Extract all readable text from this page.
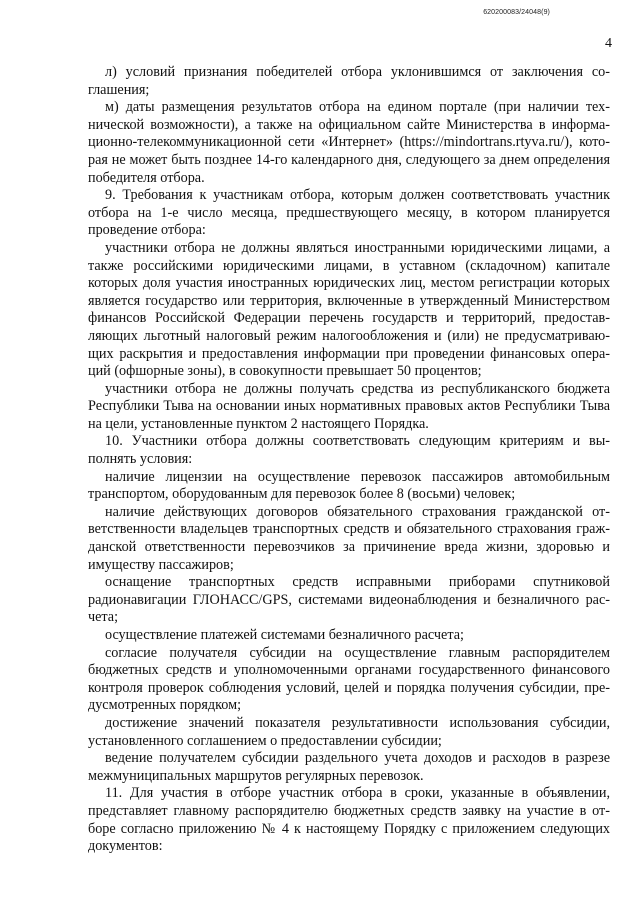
620200083/24048(9)
4

л) условий признания победителей отбора уклонившимся от заключения соглашения;

м) даты размещения результатов отбора на едином портале (при наличии технической возможности), а также на официальном сайте Министерства в информационно-телекоммуникационной сети «Интернет» (https://mindortrans.rtyva.ru/), которая не может быть позднее 14-го календарного дня, следующего за днем определения победителя отбора.

9. Требования к участникам отбора, которым должен соответствовать участник отбора на 1-е число месяца, предшествующего месяцу, в котором планируется проведение отбора:

участники отбора не должны являться иностранными юридическими лицами, а также российскими юридическими лицами, в уставном (складочном) капитале которых доля участия иностранных юридических лиц, местом регистрации которых является государство или территория, включенные в утвержденный Министерством финансов Российской Федерации перечень государств и территорий, предоставляющих льготный налоговый режим налогообложения и (или) не предусматривающих раскрытия и предоставления информации при проведении финансовых операций (офшорные зоны), в совокупности превышает 50 процентов;

участники отбора не должны получать средства из республиканского бюджета Республики Тыва на основании иных нормативных правовых актов Республики Тыва на цели, установленные пунктом 2 настоящего Порядка.

10. Участники отбора должны соответствовать следующим критериям и выполнять условия:

наличие лицензии на осуществление перевозок пассажиров автомобильным транспортом, оборудованным для перевозок более 8 (восьми) человек;

наличие действующих договоров обязательного страхования гражданской ответственности владельцев транспортных средств и обязательного страхования гражданской ответственности перевозчиков за причинение вреда жизни, здоровью и имуществу пассажиров;

оснащение транспортных средств исправными приборами спутниковой радионавигации ГЛОНАСС/GPS, системами видеонаблюдения и безналичного расчета;

осуществление платежей системами безналичного расчета;

согласие получателя субсидии на осуществление главным распорядителем бюджетных средств и уполномоченными органами государственного финансового контроля проверок соблюдения условий, целей и порядка получения субсидии, предусмотренных порядком;

достижение значений показателя результативности использования субсидии, установленного соглашением о предоставлении субсидии;

ведение получателем субсидии раздельного учета доходов и расходов в разрезе межмуниципальных маршрутов регулярных перевозок.

11. Для участия в отборе участник отбора в сроки, указанные в объявлении, представляет главному распорядителю бюджетных средств заявку на участие в отборе согласно приложению № 4 к настоящему Порядку с приложением следующих документов:
